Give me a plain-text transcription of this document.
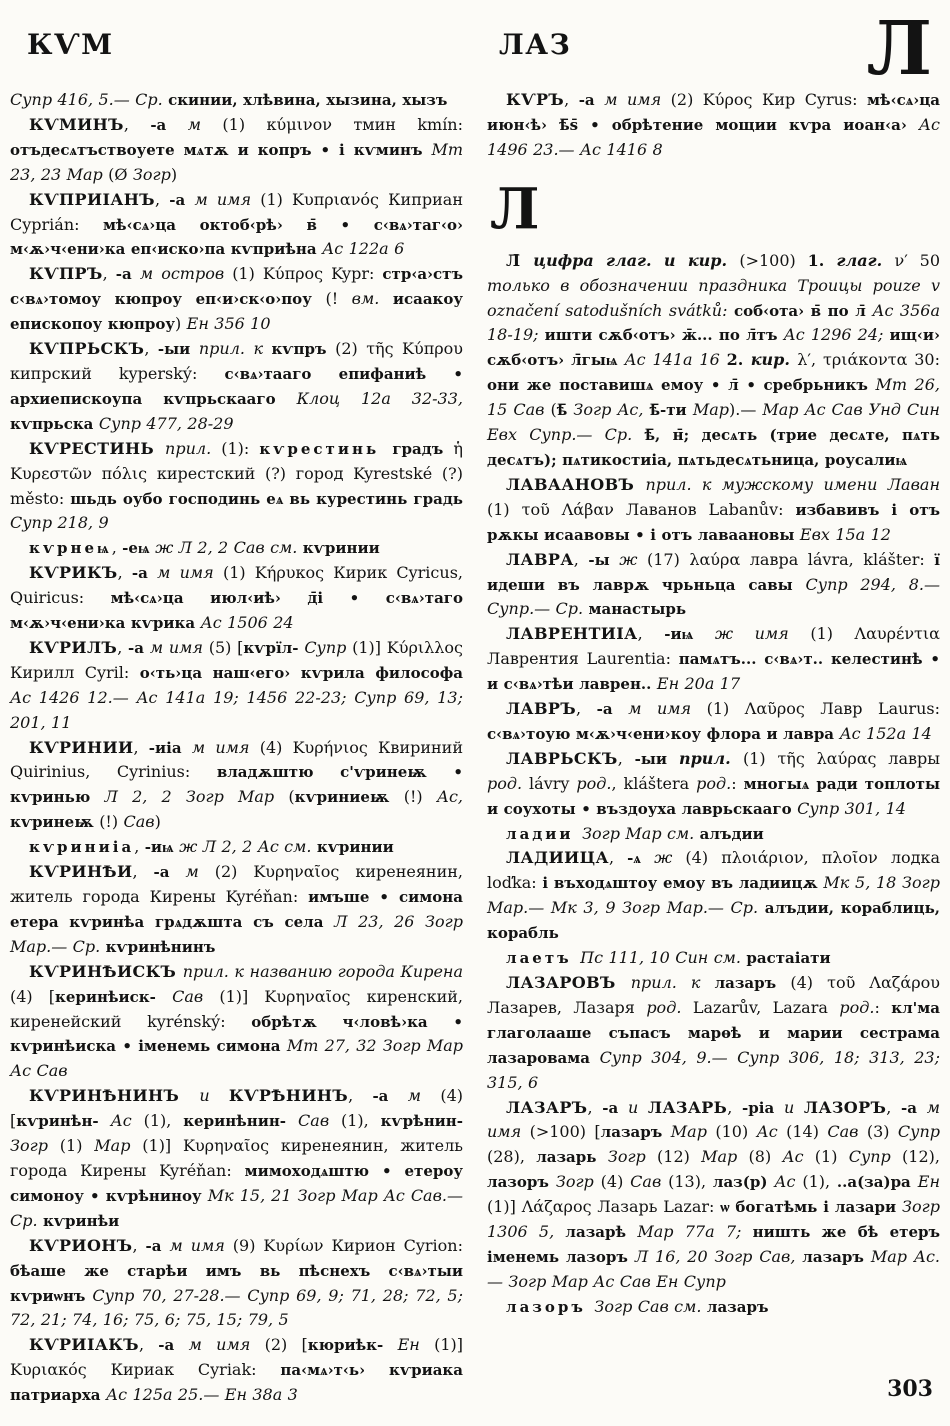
КѴМ	ЛАЗ	Л

Супр 416, 5.— Ср. скинии, хлѣвина, хызина, хызъ

КѴМИНЪ, -а м (1) κύμινον тмин kmín: отъдесѧтъствоуете мѧтѫ и копръ • і кѵминъ Мт 23, 23 Мар (Ø Зогр)

КѴПРИІАНЪ, -а м имя (1) Κυπριανός Киприан Cyprián: мѣ‹сѧ›ца октоб‹рѣ› в̄ • с‹вѧ›таг‹о› м‹ѫ›ч‹ени›ка еп‹иско›па кѵприѣна Ас 122а 6

КѴПРЪ, -а м остров (1) Κύπρος Kypr: стр‹а›стъ с‹вѧ›томоу кюпроу еп‹и›ск‹о›поу (! вм. исаакоу епископоу кюпроу) Ен 356 10

КѴПРЬСКЪ, -ыи прил. к кѵпръ (2) τῆς Κύπρου кипрский kyperský: с‹вѧ›тааго епифаниѣ • архиепискоупа кѵпрьскааго Клоц 12а 32-33, кѵпрьска Супр 477, 28-29

КѴРЕСТИНЬ прил. (1): кѵрестинь градъ ἡ Κυρεστῶν πόλις кирестский (?) город Kyrestské (?) město: шьдь оубо господинь еѧ вь курестинь градь Супр 218, 9

кѵрнеѩ, -еѩ ж Л 2, 2 Сав см. кѵринии

КѴРИКЪ, -а м имя (1) Κήρυκος Кирик Cyricus, Quiricus: мѣ‹сѧ›ца июл‹иѣ› д̄і • с‹вѧ›таго м‹ѫ›ч‹ени›ка кѵрика Ас 1506 24

КѴРИЛЪ, -а м имя (5) [кѵрїл- Супр (1)] Κύριλλος Кирилл Cyril: о‹ть›ца наш‹его› кѵрила философа Ас 1426 12.— Ас 141а 19; 1456 22-23; Супр 69, 13; 201, 11

КѴРИНИИ, -иіа м имя (4) Κυρήνιος Квириний Quirinius, Cyrinius: владѫштю с'ѵринеѭ • кѵринью Л 2, 2 Зогр Мар (кѵриниеѭ (!) Ас, кѵринеѭ (!) Сав)

кѵриниіа, -иѩ ж Л 2, 2 Ас см. кѵринии

КѴРИНѢИ, -а м (2) Κυρηναῖος киренеянин, житель города Кирены Kyréňan: имъше • симона етера кѵринѣа грѧдѫшта съ села Л 23, 26 Зогр Мар.— Ср. кѵринѣнинъ

КѴРИНѢИСКЪ прил. к названию города Кирена (4) [керинѣиск- Сав (1)] Κυρηναῖος киренский, киренейский kyrénský: обрѣтѫ ч‹ловѣ›ка • кѵринѣиска • іменемь симона Мт 27, 32 Зогр Мар Ас Сав

КѴРИНѢНИНЪ и КѴРѢНИНЪ, -а м (4) [кѵринѣн- Ас (1), керинѣнин- Сав (1), кѵрѣнин- Зогр (1) Мар (1)] Κυρηναῖος киренеянин, житель города Кирены Kyréňan: мимоходѧштю • етероу симоноу • кѵрѣниноу Мк 15, 21 Зогр Мар Ас Сав.— Ср. кѵринѣи

КѴРИОНЪ, -а м имя (9) Κυρίων Кирион Cyrion: бѣаше же старѣи имъ вь пѣснехъ с‹вѧ›тыи кѵриѡнъ Супр 70, 27-28.— Супр 69, 9; 71, 28; 72, 5; 72, 21; 74, 16; 75, 6; 75, 15; 79, 5

КѴРИІАКЪ, -а м имя (2) [кюриѣк- Ен (1)] Κυριακός Кириак Cyriak: па‹мѧ›т‹ь› кѵриака патриарха Ас 125а 25.— Ен 38а 3

КѴРЪ, -а м имя (2) Κύρος Кир Cyrus: мѣ‹сѧ›ца июн‹ѣ› ѣ̄ѕ̄ • обрѣтение мощии кѵра иоан‹а› Ас 1496 23.— Ас 1416 8

Л

Л̄ цифра глаг. и кир. (>100) 1. глаг. ν′ 50 только в обозначении праздника Троицы pouze v označení satodušních svátků: соб‹ота› в̄ по л̄ Ас 356а 18-19; ишти сѫб‹отъ› ж̄... по л̄тъ Ас 1296 24; ищ‹и› сѫб‹отъ› л̄гыѩ Ас 141а 16 2. кир. λ′, τριάκοντα 30: они же поставишѧ емоу • л̄ • сребрьникъ Мт 26, 15 Сав (ѣ̄ Зогр Ас, ѣ̄-ти Мар).— Мар Ас Сав Унд Син Евх Супр.— Ср. ѣ̄, н̄; десѧть (трие десѧте, пѧть десѧтъ); пѧтикостиіа, пѧтьдесѧтьница, роусалиѩ

ЛАВААНОВЪ прил. к мужскому имени Лаван (1) τοῦ Λάβαν Лаванов Labanův: избавивъ і отъ рѫкы исаавовы • і отъ лаваановы Евх 15а 12

ЛАВРА, -ы ж (17) λαύρα лавра lávra, klášter: ї идеши въ лаврѫ чрьньца савы Супр 294, 8.— Супр.— Ср. манастырь

ЛАВРЕНТИІА, -иѩ ж имя (1) Λαυρέντια Лаврентия Laurentia: памѧтъ... с‹вѧ›т.. келестинѣ • и с‹вѧ›тѣи лаврен.. Ен 20а 17

ЛАВРЪ, -а м имя (1) Λαῦρος Лавр Laurus: с‹вѧ›тоую м‹ѫ›ч‹ени›коу флора и лавра Ас 152а 14

ЛАВРЬСКЪ, -ыи прил. (1) τῆς λαύρας лавры род. lávry род., kláštera род.: многыѧ ради топлоты и соухоты • въздоуха лаврьскааго Супр 301, 14

ладии Зогр Мар см. алъдии

ЛАДИИЦА, -ѧ ж (4) πλοιάριον, πλοῖον лодка loďka: і въходѧштоу емоу въ ладиицѫ Мк 5, 18 Зогр Мар.— Мк 3, 9 Зогр Мар.— Ср. алъдии, кораблиць, корабль

лаетъ Пс 111, 10 Син см. растаіати

ЛАЗАРОВЪ прил. к лазаръ (4) τοῦ Λαζάρου Лазарев, Лазаря род. Lazarův, Lazara род.: кл'ма глаголааше съпасъ марѳѣ и марии сестрама лазаровама Супр 304, 9.— Супр 306, 18; 313, 23; 315, 6

ЛАЗАРЪ, -а и ЛАЗАРЬ, -ріа и ЛАЗОРЪ, -а м имя (>100) [лазаръ Мар (10) Ас (14) Сав (3) Супр (28), лазарь Зогр (12) Мар (8) Ас (1) Супр (12), лазоръ Зогр (4) Сав (13), лаз(р) Ас (1), ..а(за)ра Ен (1)] Λάζαρος Лазарь Lazar: ѡ богатѣмь і лазари Зогр 1306 5, лазарѣ Мар 77а 7; ништь же бѣ етеръ іменемь лазоръ Л 16, 20 Зогр Сав, лазаръ Мар Ас.— Зогр Мар Ас Сав Ен Супр

лазоръ Зогр Сав см. лазаръ

303
